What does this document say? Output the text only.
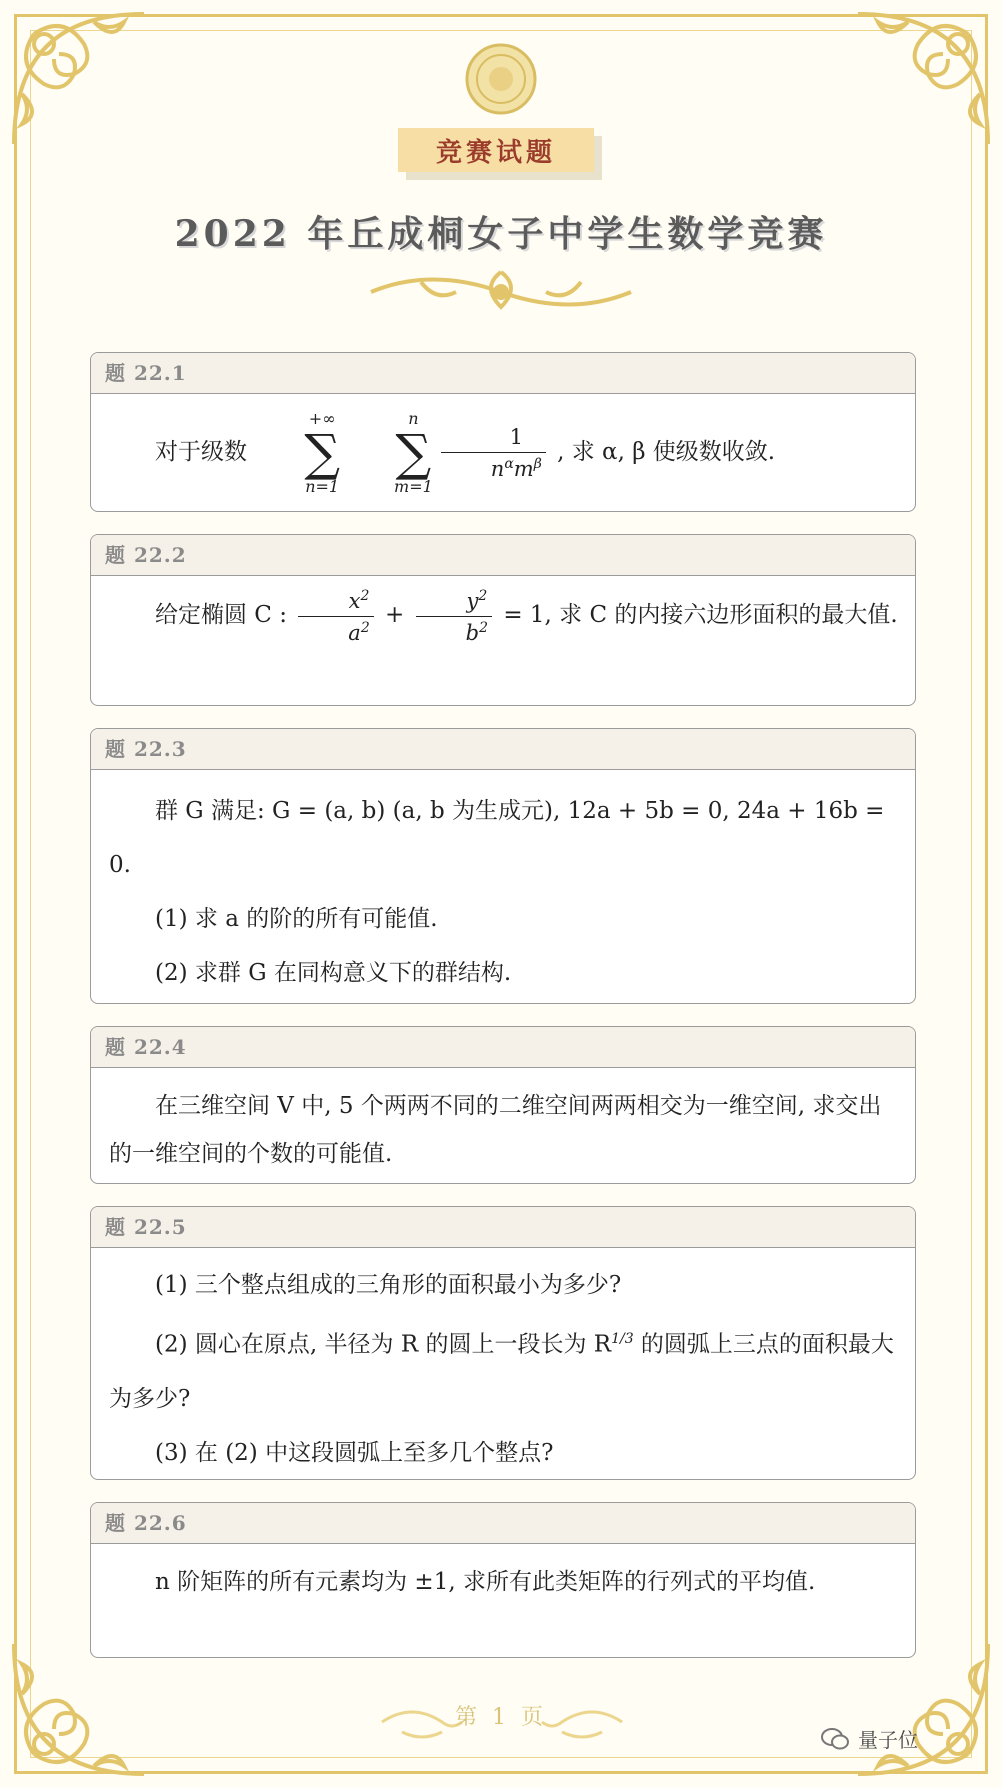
竞赛试题
2022 年丘成桐女子中学生数学竞赛
题 22.1

对于级数
+∞
∑
n=1
n
∑
m=1
$\frac{1}{n^\alpha m^\beta}$ , 求 α, β 使级数收敛.

题 22.2

给定椭圆 C : $\frac{x^2}{a^2} + \frac{y^2}{b^2} = 1$, 求 C 的内接六边形面积的最大值.

题 22.3

群 G 满足: G = (a, b) (a, b 为生成元), 12a + 5b = 0, 24a + 16b = 0.

(1) 求 a 的阶的所有可能值.

(2) 求群 G 在同构意义下的群结构.

题 22.4

在三维空间 V 中, 5 个两两不同的二维空间两两相交为一维空间, 求交出的一维空间的个数的可能值.

题 22.5

(1) 三个整点组成的三角形的面积最小为多少?

(2) 圆心在原点, 半径为 R 的圆上一段长为 $R^{1/3}$ 的圆弧上三点的面积最大为多少?

(3) 在 (2) 中这段圆弧上至多几个整点?

题 22.6

n 阶矩阵的所有元素均为 ±1, 求所有此类矩阵的行列式的平均值.

第 1 页
量子位
